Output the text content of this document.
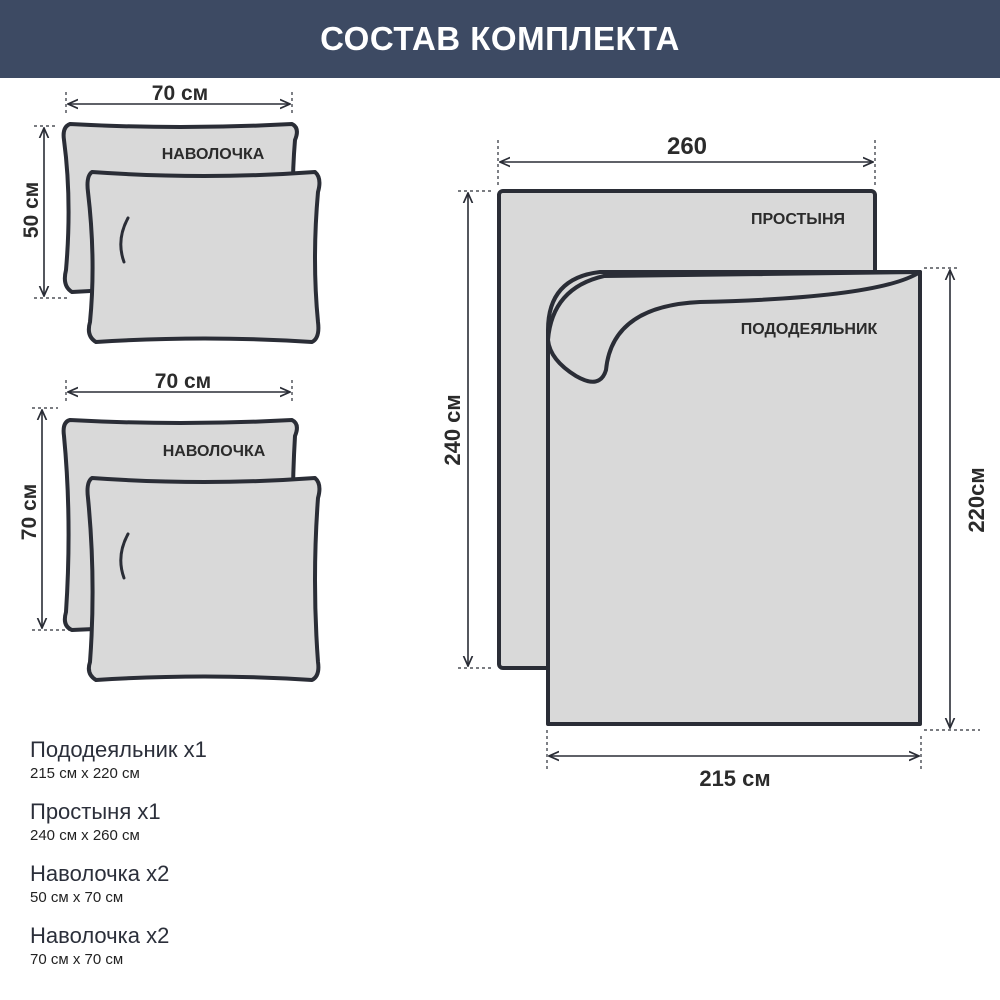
СОСТАВ КОМПЛЕКТА
70 см
50 см
НАВОЛОЧКА
70 см
70 см
НАВОЛОЧКА
260
240 см
ПРОСТЫНЯ
ПОДОДЕЯЛЬНИК
220см
215 см
Пододеяльник х1
215 см х 220 см
Простыня х1
240 см х 260 см
Наволочка х2
50 см х 70 см
Наволочка х2
70 см х 70 см
